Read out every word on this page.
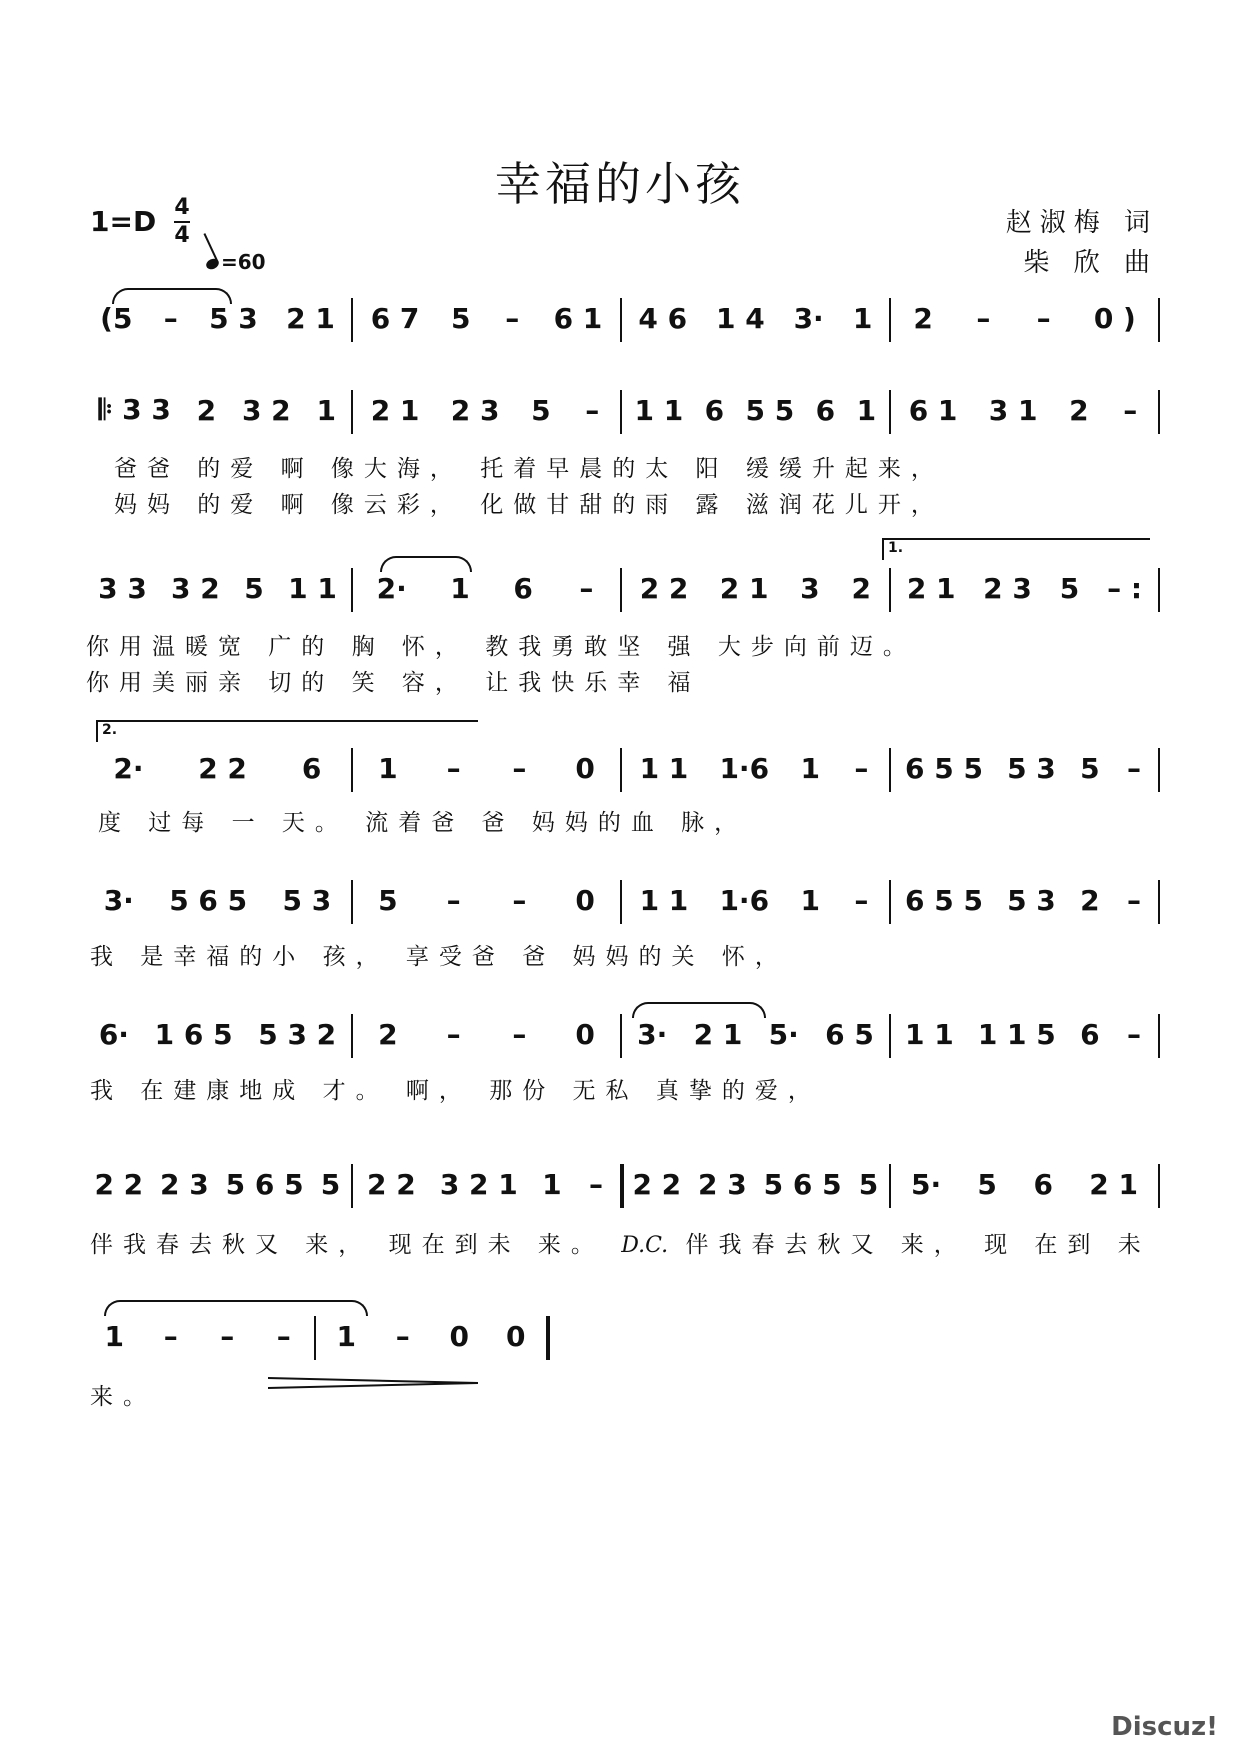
幸福的小孩
1=D 4
4
=60
赵淑梅 词
柴 欣 曲
(5 – 5 3 2 1 6 7 5 – 6 1 4 6 1 4 3· 1 2 – – 0 )
𝄆 3 3 2 3 2 1 2 1 2 3 5 – 1 1 6 5 5 6 1 6 1 3 1 2 –
3 3 3 2 5 1 1 2· 1 6 – 2 2 2 1 3 2 2 1 2 3 5 – :
2· 2 2 6 1 – – 0 1 1 1·6 1 – 6 5 5 5 3 5 –
3· 5 6 5 5 3 5 – – 0 1 1 1·6 1 – 6 5 5 5 3 2 –
6· 1 6 5 5 3 2 2 – – 0 3· 2 1 5· 6 5 1 1 1 1 5 6 –
2 2 2 3 5 6 5 5 2 2 3 2 1 1 – 2 2 2 3 5 6 5 5 5· 5 6 2 1
1 – – – 1 – 0 0
1.
2.
爸爸 的爱 啊 像大海， 托着早晨的太 阳 缓缓升起来，
妈妈 的爱 啊 像云彩， 化做甘甜的雨 露 滋润花儿开，
你用温暖宽 广的 胸 怀， 教我勇敢坚 强 大步向前迈。
你用美丽亲 切的 笑 容， 让我快乐幸 福
度 过每 一 天。 流着爸 爸 妈妈的血 脉，
我 是幸福的小 孩， 享受爸 爸 妈妈的关 怀，
我 在建康地成 才。 啊， 那份 无私 真挚的爱，
伴我春去秋又 来， 现在到未 来。 D.C. 伴我春去秋又 来， 现 在到 未
来。
Discuz!
